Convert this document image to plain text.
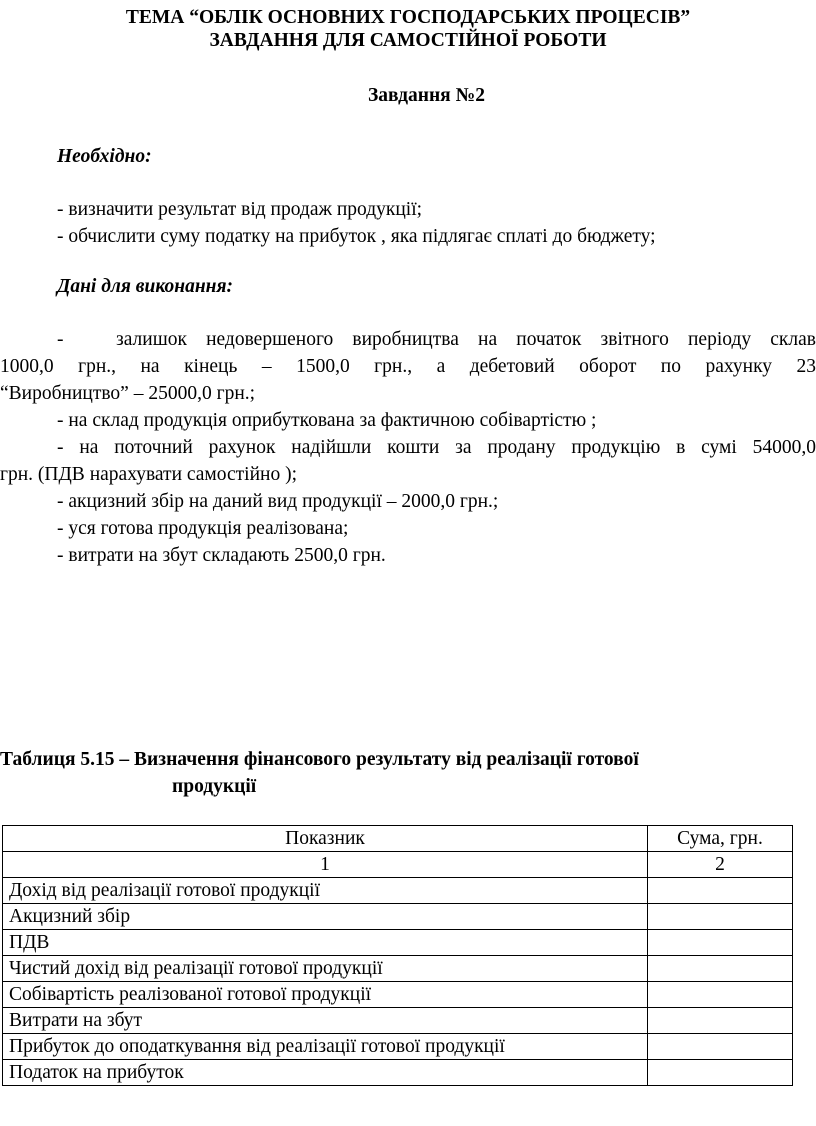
ТЕМА “ОБЛІК ОСНОВНИХ ГОСПОДАРСЬКИХ ПРОЦЕСІВ”
ЗАВДАННЯ ДЛЯ САМОСТІЙНОЇ РОБОТИ
Завдання №2
Необхідно:
- визначити результат від продаж продукції;
- обчислити суму податку на прибуток , яка підлягає сплаті до бюджету;
Дані для виконання:
-	залишок недовершеного виробництва на початок звітного періоду склав
1000,0 грн., на кінець – 1500,0 грн., а дебетовий оборот по рахунку 23
“Виробництво” – 25000,0 грн.;
- на склад продукція оприбуткована за фактичною собівартістю ;
- на поточний рахунок надійшли кошти за продану продукцію в сумі 54000,0
грн. (ПДВ нарахувати самостійно );
- акцизний збір на даний вид продукції – 2000,0 грн.;
- уся готова продукція реалізована;
- витрати на збут складають 2500,0 грн.
Таблиця 5.15 – Визначення фінансового результату від реалізації готової
продукції
Показник	Сума, грн.
1	2
Дохід від реалізації готової продукції	
Акцизний збір	
ПДВ	
Чистий дохід від реалізації готової продукції	
Собівартість реалізованої готової продукції	
Витрати на збут	
Прибуток до оподаткування від реалізації готової продукції	
Податок на прибуток	
